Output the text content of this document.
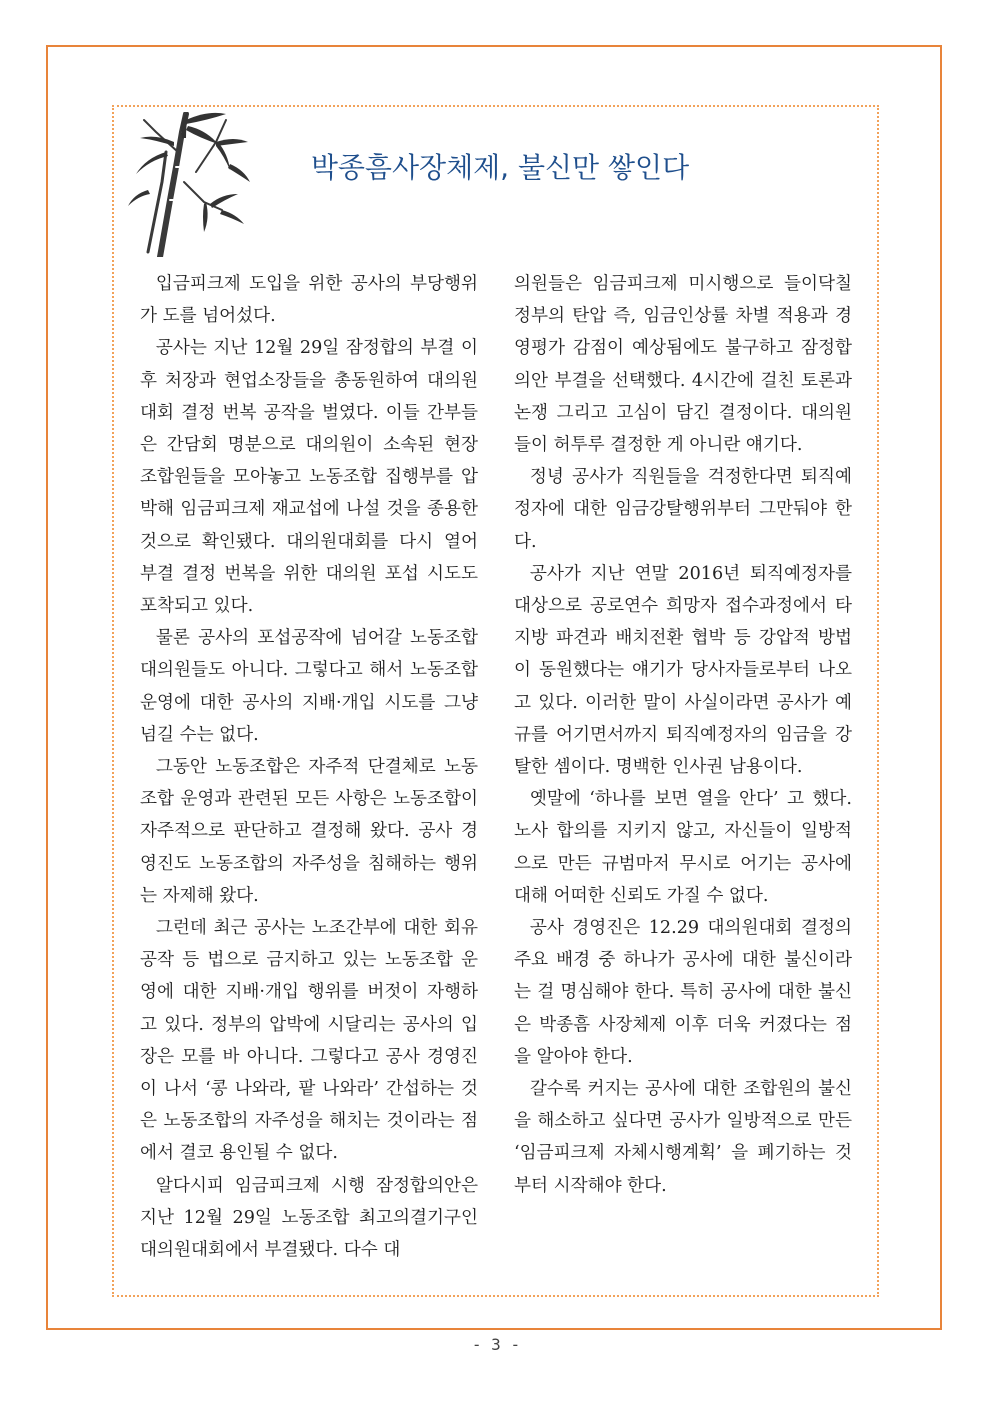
박종흠사장체제, 불신만 쌓인다

입금피크제 도입을 위한 공사의 부당행위가 도를 넘어섰다.

공사는 지난 12월 29일 잠정합의 부결 이후 처장과 현업소장들을 총동원하여 대의원대회 결정 번복 공작을 벌였다. 이들 간부들은 간담회 명분으로 대의원이 소속된 현장 조합원들을 모아놓고 노동조합 집행부를 압박해 임금피크제 재교섭에 나설 것을 종용한 것으로 확인됐다. 대의원대회를 다시 열어 부결 결정 번복을 위한 대의원 포섭 시도도 포착되고 있다.

물론 공사의 포섭공작에 넘어갈 노동조합 대의원들도 아니다. 그렇다고 해서 노동조합 운영에 대한 공사의 지배·개입 시도를 그냥 넘길 수는 없다.

그동안 노동조합은 자주적 단결체로 노동조합 운영과 관련된 모든 사항은 노동조합이 자주적으로 판단하고 결정해 왔다. 공사 경영진도 노동조합의 자주성을 침해하는 행위는 자제해 왔다.

그런데 최근 공사는 노조간부에 대한 회유공작 등 법으로 금지하고 있는 노동조합 운영에 대한 지배·개입 행위를 버젓이 자행하고 있다. 정부의 압박에 시달리는 공사의 입장은 모를 바 아니다. 그렇다고 공사 경영진이 나서 ‘콩 나와라, 팥 나와라’ 간섭하는 것은 노동조합의 자주성을 해치는 것이라는 점에서 결코 용인될 수 없다.

알다시피 임금피크제 시행 잠정합의안은 지난 12월 29일 노동조합 최고의결기구인 대의원대회에서 부결됐다. 다수 대

의원들은 임금피크제 미시행으로 들이닥칠 정부의 탄압 즉, 임금인상률 차별 적용과 경영평가 감점이 예상됨에도 불구하고 잠정합의안 부결을 선택했다. 4시간에 걸친 토론과 논쟁 그리고 고심이 담긴 결정이다. 대의원들이 허투루 결정한 게 아니란 얘기다.

정녕 공사가 직원들을 걱정한다면 퇴직예정자에 대한 임금강탈행위부터 그만둬야 한다.

공사가 지난 연말 2016년 퇴직예정자를 대상으로 공로연수 희망자 접수과정에서 타 지방 파견과 배치전환 협박 등 강압적 방법이 동원했다는 얘기가 당사자들로부터 나오고 있다. 이러한 말이 사실이라면 공사가 예규를 어기면서까지 퇴직예정자의 임금을 강탈한 셈이다. 명백한 인사권 남용이다.

옛말에 ‘하나를 보면 열을 안다’ 고 했다. 노사 합의를 지키지 않고, 자신들이 일방적으로 만든 규범마저 무시로 어기는 공사에 대해 어떠한 신뢰도 가질 수 없다.

공사 경영진은 12.29 대의원대회 결정의 주요 배경 중 하나가 공사에 대한 불신이라는 걸 명심해야 한다. 특히 공사에 대한 불신은 박종흠 사장체제 이후 더욱 커졌다는 점을 알아야 한다.

갈수록 커지는 공사에 대한 조합원의 불신을 해소하고 싶다면 공사가 일방적으로 만든 ‘임금피크제 자체시행계획’ 을 폐기하는 것부터 시작해야 한다.

- 3 -
